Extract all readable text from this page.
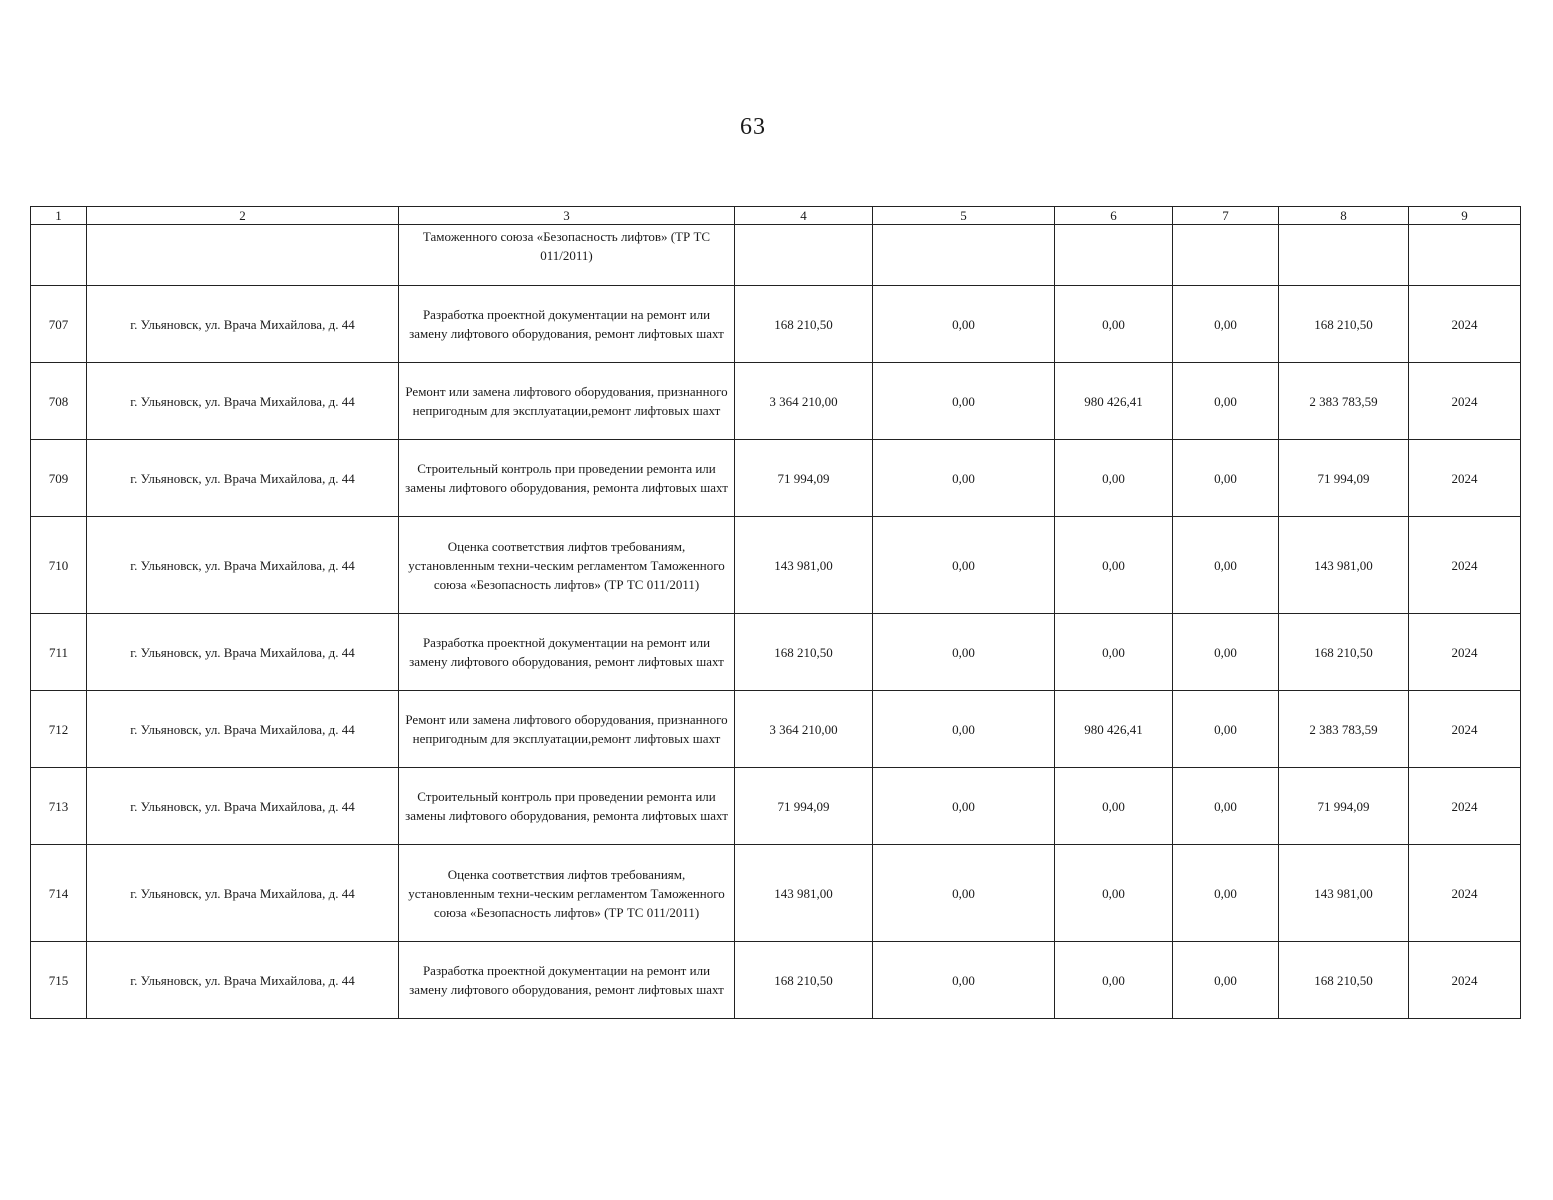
63
1	2	3	4	5	6	7	8	9
		Таможенного союза «Безопасность лифтов» (ТР ТС 011/2011)						
707	г. Ульяновск, ул. Врача Михайлова, д. 44	Разработка проектной документации на ремонт или замену лифтового оборудования, ремонт лифтовых шахт	168 210,50	0,00	0,00	0,00	168 210,50	2024
708	г. Ульяновск, ул. Врача Михайлова, д. 44	Ремонт или замена лифтового оборудования, признанного непригодным для эксплуатации,ремонт лифтовых шахт	3 364 210,00	0,00	980 426,41	0,00	2 383 783,59	2024
709	г. Ульяновск, ул. Врача Михайлова, д. 44	Строительный контроль при проведении ремонта или замены лифтового оборудования, ремонта лифтовых шахт	71 994,09	0,00	0,00	0,00	71 994,09	2024
710	г. Ульяновск, ул. Врача Михайлова, д. 44	Оценка соответствия лифтов требованиям, установленным техни-ческим регламентом Таможенного союза «Безопасность лифтов» (ТР ТС 011/2011)	143 981,00	0,00	0,00	0,00	143 981,00	2024
711	г. Ульяновск, ул. Врача Михайлова, д. 44	Разработка проектной документации на ремонт или замену лифтового оборудования, ремонт лифтовых шахт	168 210,50	0,00	0,00	0,00	168 210,50	2024
712	г. Ульяновск, ул. Врача Михайлова, д. 44	Ремонт или замена лифтового оборудования, признанного непригодным для эксплуатации,ремонт лифтовых шахт	3 364 210,00	0,00	980 426,41	0,00	2 383 783,59	2024
713	г. Ульяновск, ул. Врача Михайлова, д. 44	Строительный контроль при проведении ремонта или замены лифтового оборудования, ремонта лифтовых шахт	71 994,09	0,00	0,00	0,00	71 994,09	2024
714	г. Ульяновск, ул. Врача Михайлова, д. 44	Оценка соответствия лифтов требованиям, установленным техни-ческим регламентом Таможенного союза «Безопасность лифтов» (ТР ТС 011/2011)	143 981,00	0,00	0,00	0,00	143 981,00	2024
715	г. Ульяновск, ул. Врача Михайлова, д. 44	Разработка проектной документации на ремонт или замену лифтового оборудования, ремонт лифтовых шахт	168 210,50	0,00	0,00	0,00	168 210,50	2024
